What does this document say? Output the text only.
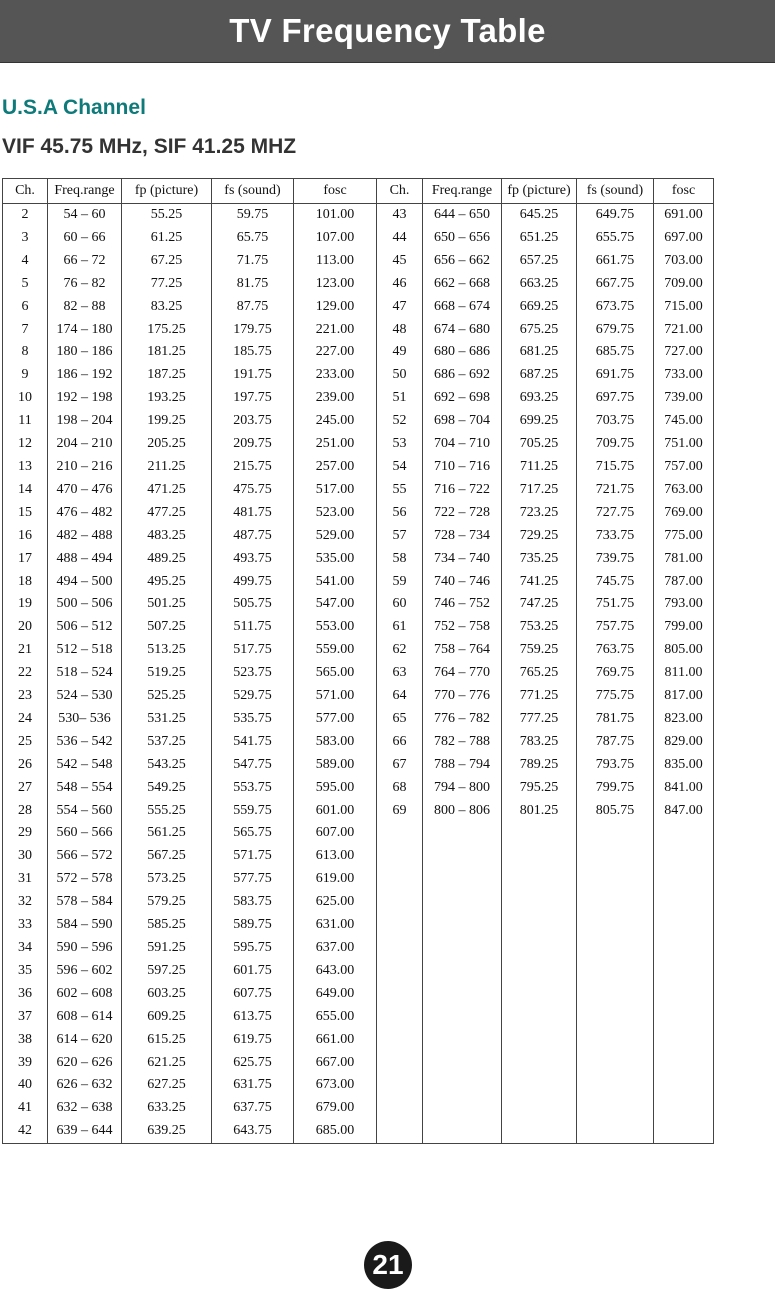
TV Frequency Table
U.S.A Channel
VIF 45.75 MHz, SIF 41.25 MHZ
Ch.	Freq.range	fp (picture)	fs (sound)	fosc	Ch.	Freq.range	fp (picture)	fs (sound)	fosc
2	54 – 60	55.25	59.75	101.00	43	644 – 650	645.25	649.75	691.00
3	60 – 66	61.25	65.75	107.00	44	650 – 656	651.25	655.75	697.00
4	66 – 72	67.25	71.75	113.00	45	656 – 662	657.25	661.75	703.00
5	76 – 82	77.25	81.75	123.00	46	662 – 668	663.25	667.75	709.00
6	82 – 88	83.25	87.75	129.00	47	668 – 674	669.25	673.75	715.00
7	174 – 180	175.25	179.75	221.00	48	674 – 680	675.25	679.75	721.00
8	180 – 186	181.25	185.75	227.00	49	680 – 686	681.25	685.75	727.00
9	186 – 192	187.25	191.75	233.00	50	686 – 692	687.25	691.75	733.00
10	192 – 198	193.25	197.75	239.00	51	692 – 698	693.25	697.75	739.00
11	198 – 204	199.25	203.75	245.00	52	698 – 704	699.25	703.75	745.00
12	204 – 210	205.25	209.75	251.00	53	704 – 710	705.25	709.75	751.00
13	210 – 216	211.25	215.75	257.00	54	710 – 716	711.25	715.75	757.00
14	470 – 476	471.25	475.75	517.00	55	716 – 722	717.25	721.75	763.00
15	476 – 482	477.25	481.75	523.00	56	722 – 728	723.25	727.75	769.00
16	482 – 488	483.25	487.75	529.00	57	728 – 734	729.25	733.75	775.00
17	488 – 494	489.25	493.75	535.00	58	734 – 740	735.25	739.75	781.00
18	494 – 500	495.25	499.75	541.00	59	740 – 746	741.25	745.75	787.00
19	500 – 506	501.25	505.75	547.00	60	746 – 752	747.25	751.75	793.00
20	506 – 512	507.25	511.75	553.00	61	752 – 758	753.25	757.75	799.00
21	512 – 518	513.25	517.75	559.00	62	758 – 764	759.25	763.75	805.00
22	518 – 524	519.25	523.75	565.00	63	764 – 770	765.25	769.75	811.00
23	524 – 530	525.25	529.75	571.00	64	770 – 776	771.25	775.75	817.00
24	530– 536	531.25	535.75	577.00	65	776 – 782	777.25	781.75	823.00
25	536 – 542	537.25	541.75	583.00	66	782 – 788	783.25	787.75	829.00
26	542 – 548	543.25	547.75	589.00	67	788 – 794	789.25	793.75	835.00
27	548 – 554	549.25	553.75	595.00	68	794 – 800	795.25	799.75	841.00
28	554 – 560	555.25	559.75	601.00	69	800 – 806	801.25	805.75	847.00
29	560 – 566	561.25	565.75	607.00					
30	566 – 572	567.25	571.75	613.00					
31	572 – 578	573.25	577.75	619.00					
32	578 – 584	579.25	583.75	625.00					
33	584 – 590	585.25	589.75	631.00					
34	590 – 596	591.25	595.75	637.00					
35	596 – 602	597.25	601.75	643.00					
36	602 – 608	603.25	607.75	649.00					
37	608 – 614	609.25	613.75	655.00					
38	614 – 620	615.25	619.75	661.00					
39	620 – 626	621.25	625.75	667.00					
40	626 – 632	627.25	631.75	673.00					
41	632 – 638	633.25	637.75	679.00					
42	639 – 644	639.25	643.75	685.00					
21
